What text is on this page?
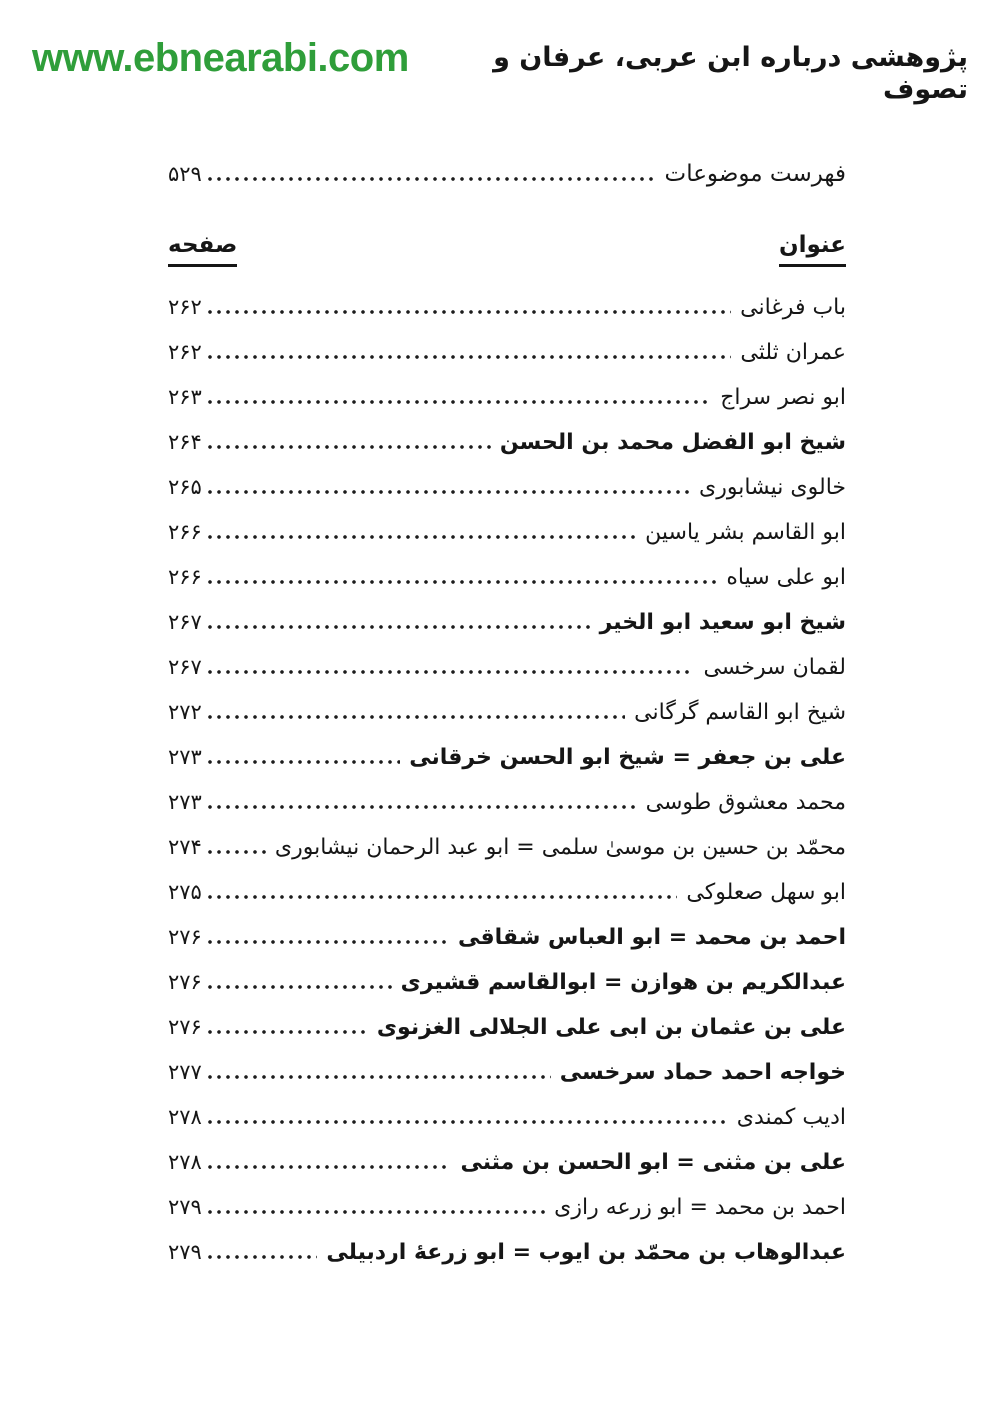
www.ebnearabi.com	پژوهشی درباره ابن عربی، عرفان و تصوف
فهرست موضوعات
۵۲۹
عنوان
صفحه
باب فرغانی
۲۶۲
عمران ثلثی
۲۶۲
ابو نصر سراج
۲۶۳
شیخ ابو الفضل محمد بن الحسن
۲۶۴
خالوی نیشابوری
۲۶۵
ابو القاسم بشر یاسین
۲۶۶
ابو علی سیاه
۲۶۶
شیخ ابو سعید ابو الخیر
۲۶۷
لقمان سرخسی
۲۶۷
شیخ ابو القاسم گرگانی
۲۷۲
علی بن جعفر = شیخ ابو الحسن خرقانی
۲۷۳
محمد معشوق طوسی
۲۷۳
محمّد بن حسین بن موسیٰ سلمی = ابو عبد الرحمان نیشابوری
۲۷۴
ابو سهل صعلوکی
۲۷۵
احمد بن محمد = ابو العباس شقاقی
۲۷۶
عبدالکریم بن هوازن = ابوالقاسم قشیری
۲۷۶
علی بن عثمان بن ابی علی الجلالی الغزنوی
۲۷۶
خواجه احمد حماد سرخسی
۲۷۷
ادیب کمندی
۲۷۸
علی بن مثنی = ابو الحسن بن مثنی
۲۷۸
احمد بن محمد = ابو زرعه رازی
۲۷۹
عبدالوهاب بن محمّد بن ایوب = ابو زرعهٔ اردبیلی
۲۷۹
